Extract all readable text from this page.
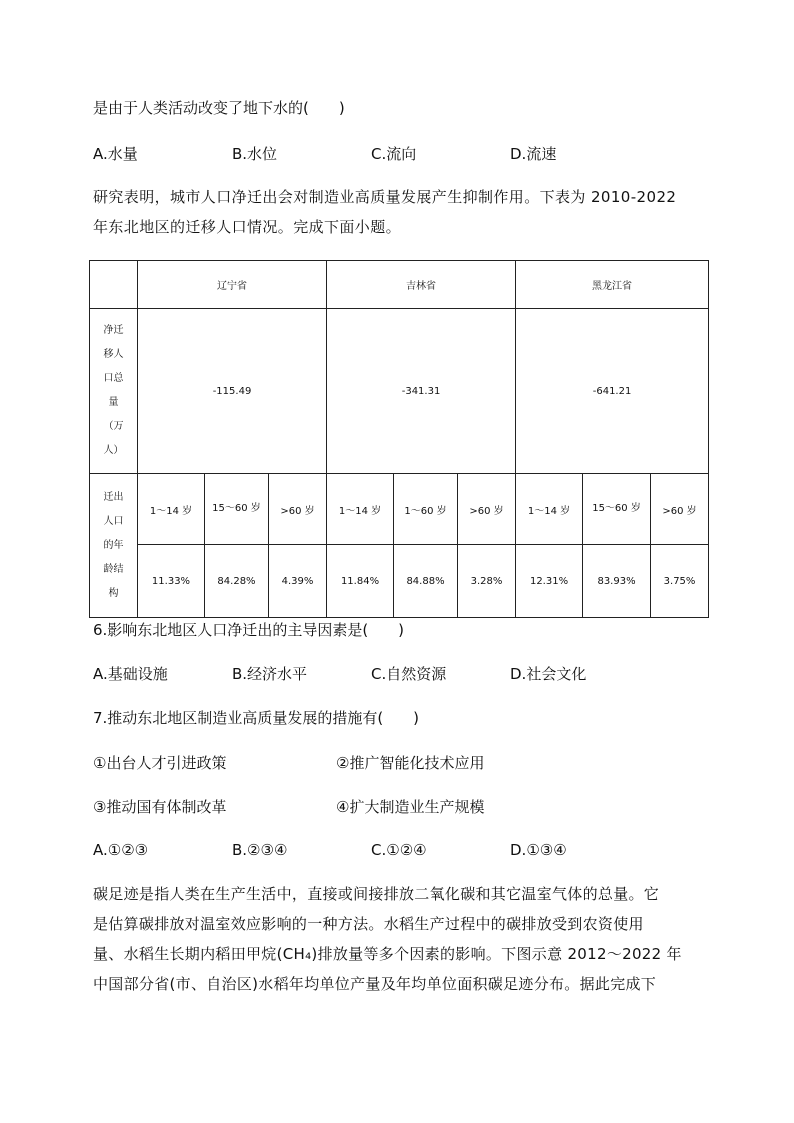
是由于人类活动改变了地下水的(　　)
A.水量	B.水位	C.流向	D.流速
研究表明，城市人口净迁出会对制造业高质量发展产生抑制作用。下表为 2010-2022
年东北地区的迁移人口情况。完成下面小题。
	辽宁省			吉林省			黑龙江省		
净迁移人口总量（万人）	-115.49			-341.31			-641.21		
迁出人口的年龄结构	1～14 岁	15～60 岁	>60 岁	1～14 岁	1～60 岁	>60 岁	1～14 岁	15～60 岁	>60 岁
	11.33%	84.28%	4.39%	11.84%	84.88%	3.28%	12.31%	83.93%	3.75%
6.影响东北地区人口净迁出的主导因素是(　　)
A.基础设施	B.经济水平	C.自然资源	D.社会文化
7.推动东北地区制造业高质量发展的措施有(　　)
①出台人才引进政策	②推广智能化技术应用
③推动国有体制改革	④扩大制造业生产规模
A.①②③	B.②③④	C.①②④	D.①③④

碳足迹是指人类在生产生活中，直接或间接排放二氧化碳和其它温室气体的总量。它

是估算碳排放对温室效应影响的一种方法。水稻生产过程中的碳排放受到农资使用

量、水稻生长期内稻田甲烷(CH₄)排放量等多个因素的影响。下图示意 2012～2022 年

中国部分省(市、自治区)水稻年均单位产量及年均单位面积碳足迹分布。据此完成下
